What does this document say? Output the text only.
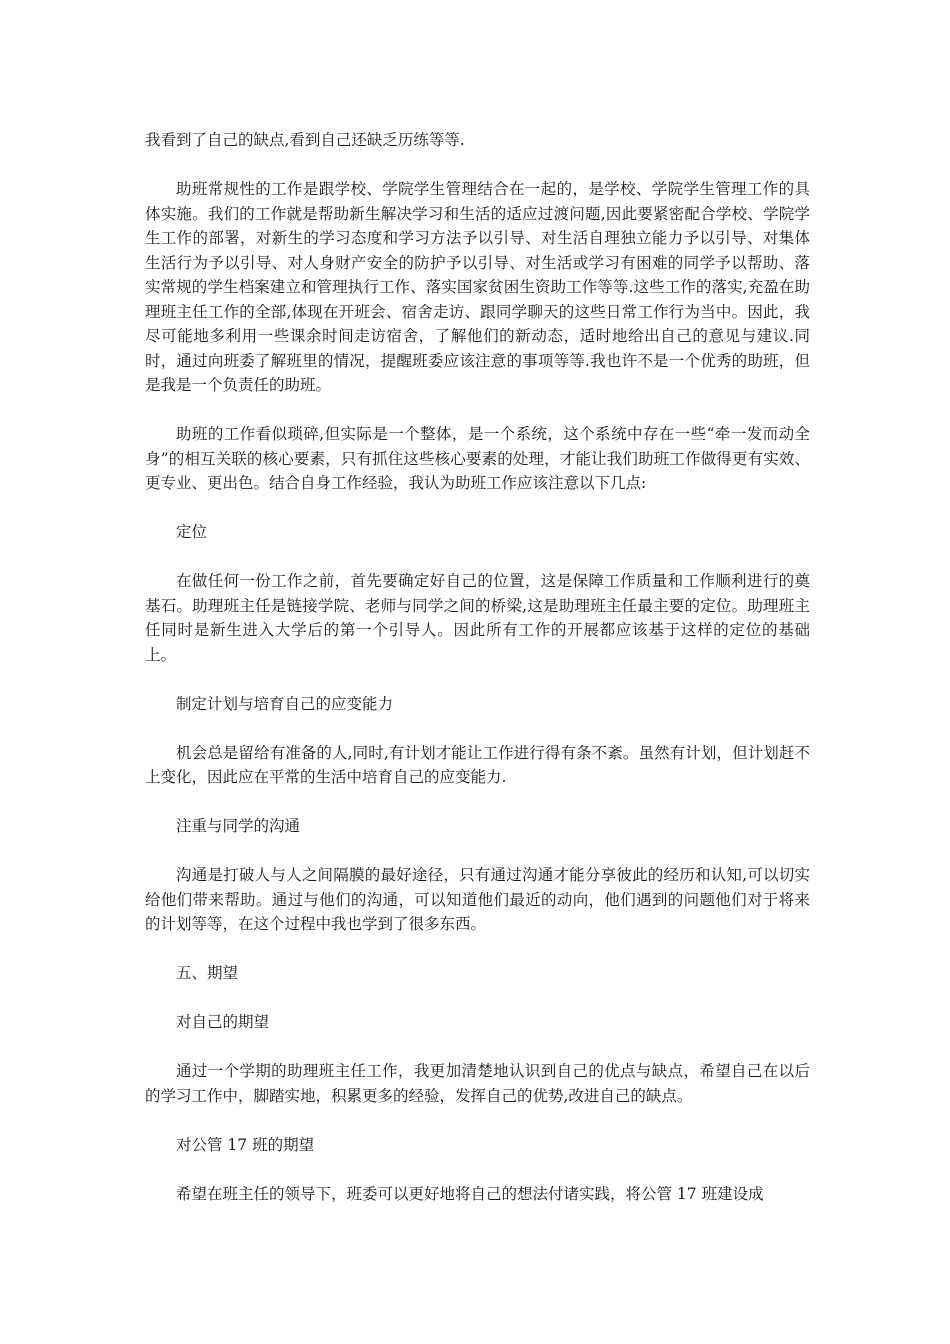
我看到了自己的缺点,看到自己还缺乏历练等等.

助班常规性的工作是跟学校、学院学生管理结合在一起的，是学校、学院学生管理工作的具体实施。我们的工作就是帮助新生解决学习和生活的适应过渡问题,因此要紧密配合学校、学院学生工作的部署，对新生的学习态度和学习方法予以引导、对生活自理独立能力予以引导、对集体生活行为予以引导、对人身财产安全的防护予以引导、对生活或学习有困难的同学予以帮助、落实常规的学生档案建立和管理执行工作、落实国家贫困生资助工作等等.这些工作的落实,充盈在助理班主任工作的全部,体现在开班会、宿舍走访、跟同学聊天的这些日常工作行为当中。因此，我尽可能地多利用一些课余时间走访宿舍，了解他们的新动态，适时地给出自己的意见与建议.同时，通过向班委了解班里的情况，提醒班委应该注意的事项等等.我也许不是一个优秀的助班，但是我是一个负责任的助班。

助班的工作看似琐碎,但实际是一个整体，是一个系统，这个系统中存在一些“牵一发而动全身”的相互关联的核心要素，只有抓住这些核心要素的处理，才能让我们助班工作做得更有实效、更专业、更出色。结合自身工作经验，我认为助班工作应该注意以下几点:

定位

在做任何一份工作之前，首先要确定好自己的位置，这是保障工作质量和工作顺利进行的奠基石。助理班主任是链接学院、老师与同学之间的桥梁,这是助理班主任最主要的定位。助理班主任同时是新生进入大学后的第一个引导人。因此所有工作的开展都应该基于这样的定位的基础上。

制定计划与培育自己的应变能力

机会总是留给有准备的人,同时,有计划才能让工作进行得有条不紊。虽然有计划，但计划赶不上变化，因此应在平常的生活中培育自己的应变能力.

注重与同学的沟通

沟通是打破人与人之间隔膜的最好途径，只有通过沟通才能分享彼此的经历和认知,可以切实给他们带来帮助。通过与他们的沟通，可以知道他们最近的动向，他们遇到的问题他们对于将来的计划等等，在这个过程中我也学到了很多东西。

五、期望

对自己的期望

通过一个学期的助理班主任工作，我更加清楚地认识到自己的优点与缺点，希望自己在以后的学习工作中，脚踏实地，积累更多的经验，发挥自己的优势,改进自己的缺点。

对公管 17 班的期望

希望在班主任的领导下，班委可以更好地将自己的想法付诸实践，将公管 17 班建设成
